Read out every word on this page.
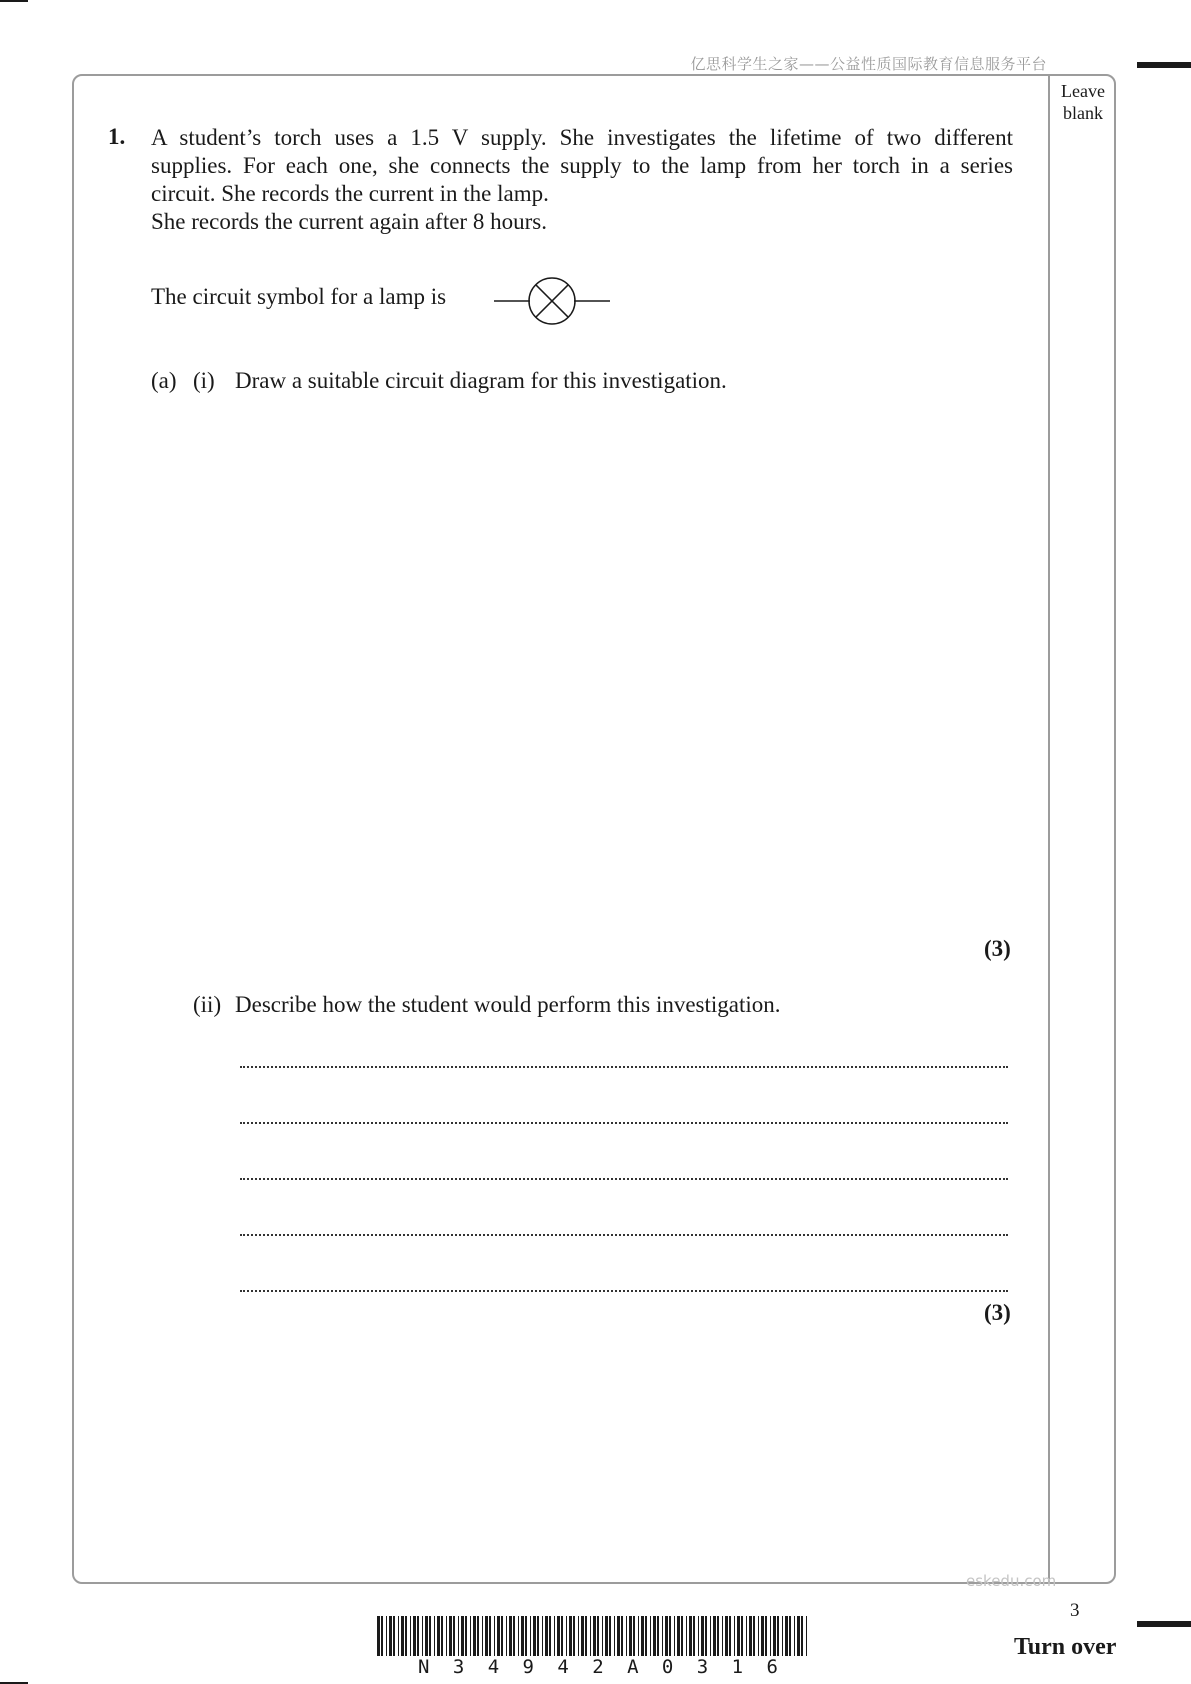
亿思科学生之家——公益性质国际教育信息服务平台
Leave blank
1. A student’s torch uses a 1.5 V supply. She investigates the lifetime of two different
supplies. For each one, she connects the supply to the lamp from her torch in a series
circuit. She records the current in the lamp.
She records the current again after 8 hours.
The circuit symbol for a lamp is
(a) (i) Draw a suitable circuit diagram for this investigation.
(3)
(ii) Describe how the student would perform this investigation.
(3)
eskedu.com
3
Turn over
N 3 4 9 4 2 A 0 3 1 6
